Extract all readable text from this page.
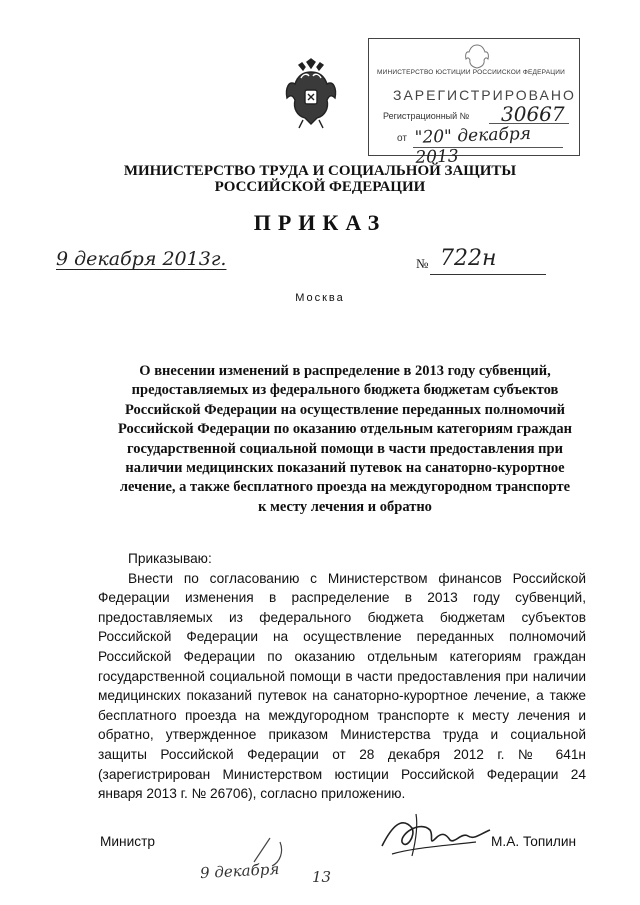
МИНИСТЕРСТВО ЮСТИЦИИ РОССИЙСКОЙ ФЕДЕРАЦИИ
ЗАРЕГИСТРИРОВАНО
Регистрационный № 30667
от "20" декабря 2013
МИНИСТЕРСТВО ТРУДА И СОЦИАЛЬНОЙ ЗАЩИТЫ
РОССИЙСКОЙ ФЕДЕРАЦИИ
ПРИКАЗ
9 декабря 2013г.	№ 722н
Москва
О внесении изменений в распределение в 2013 году субвенций,
предоставляемых из федерального бюджета бюджетам субъектов
Российской Федерации на осуществление переданных полномочий
Российской Федерации по оказанию отдельным категориям граждан
государственной социальной помощи в части предоставления при
наличии медицинских показаний путевок на санаторно-курортное
лечение, а также бесплатного проезда на междугородном транспорте
к месту лечения и обратно

Приказываю:

Внести по согласованию с Министерством финансов Российской Федерации изменения в распределение в 2013 году субвенций, предоставляемых из федерального бюджета бюджетам субъектов Российской Федерации на осуществление переданных полномочий Российской Федерации по оказанию отдельным категориям граждан государственной социальной помощи в части предоставления при наличии медицинских показаний путевок на санаторно-курортное лечение, а также бесплатного проезда на междугородном транспорте к месту лечения и обратно, утвержденное приказом Министерства труда и социальной защиты Российской Федерации от 28 декабря 2012 г. № 641н (зарегистрирован Министерством юстиции Российской Федерации 24 января 2013 г. № 26706), согласно приложению.

Министр	М.А. Топилин
9 декабря 13
